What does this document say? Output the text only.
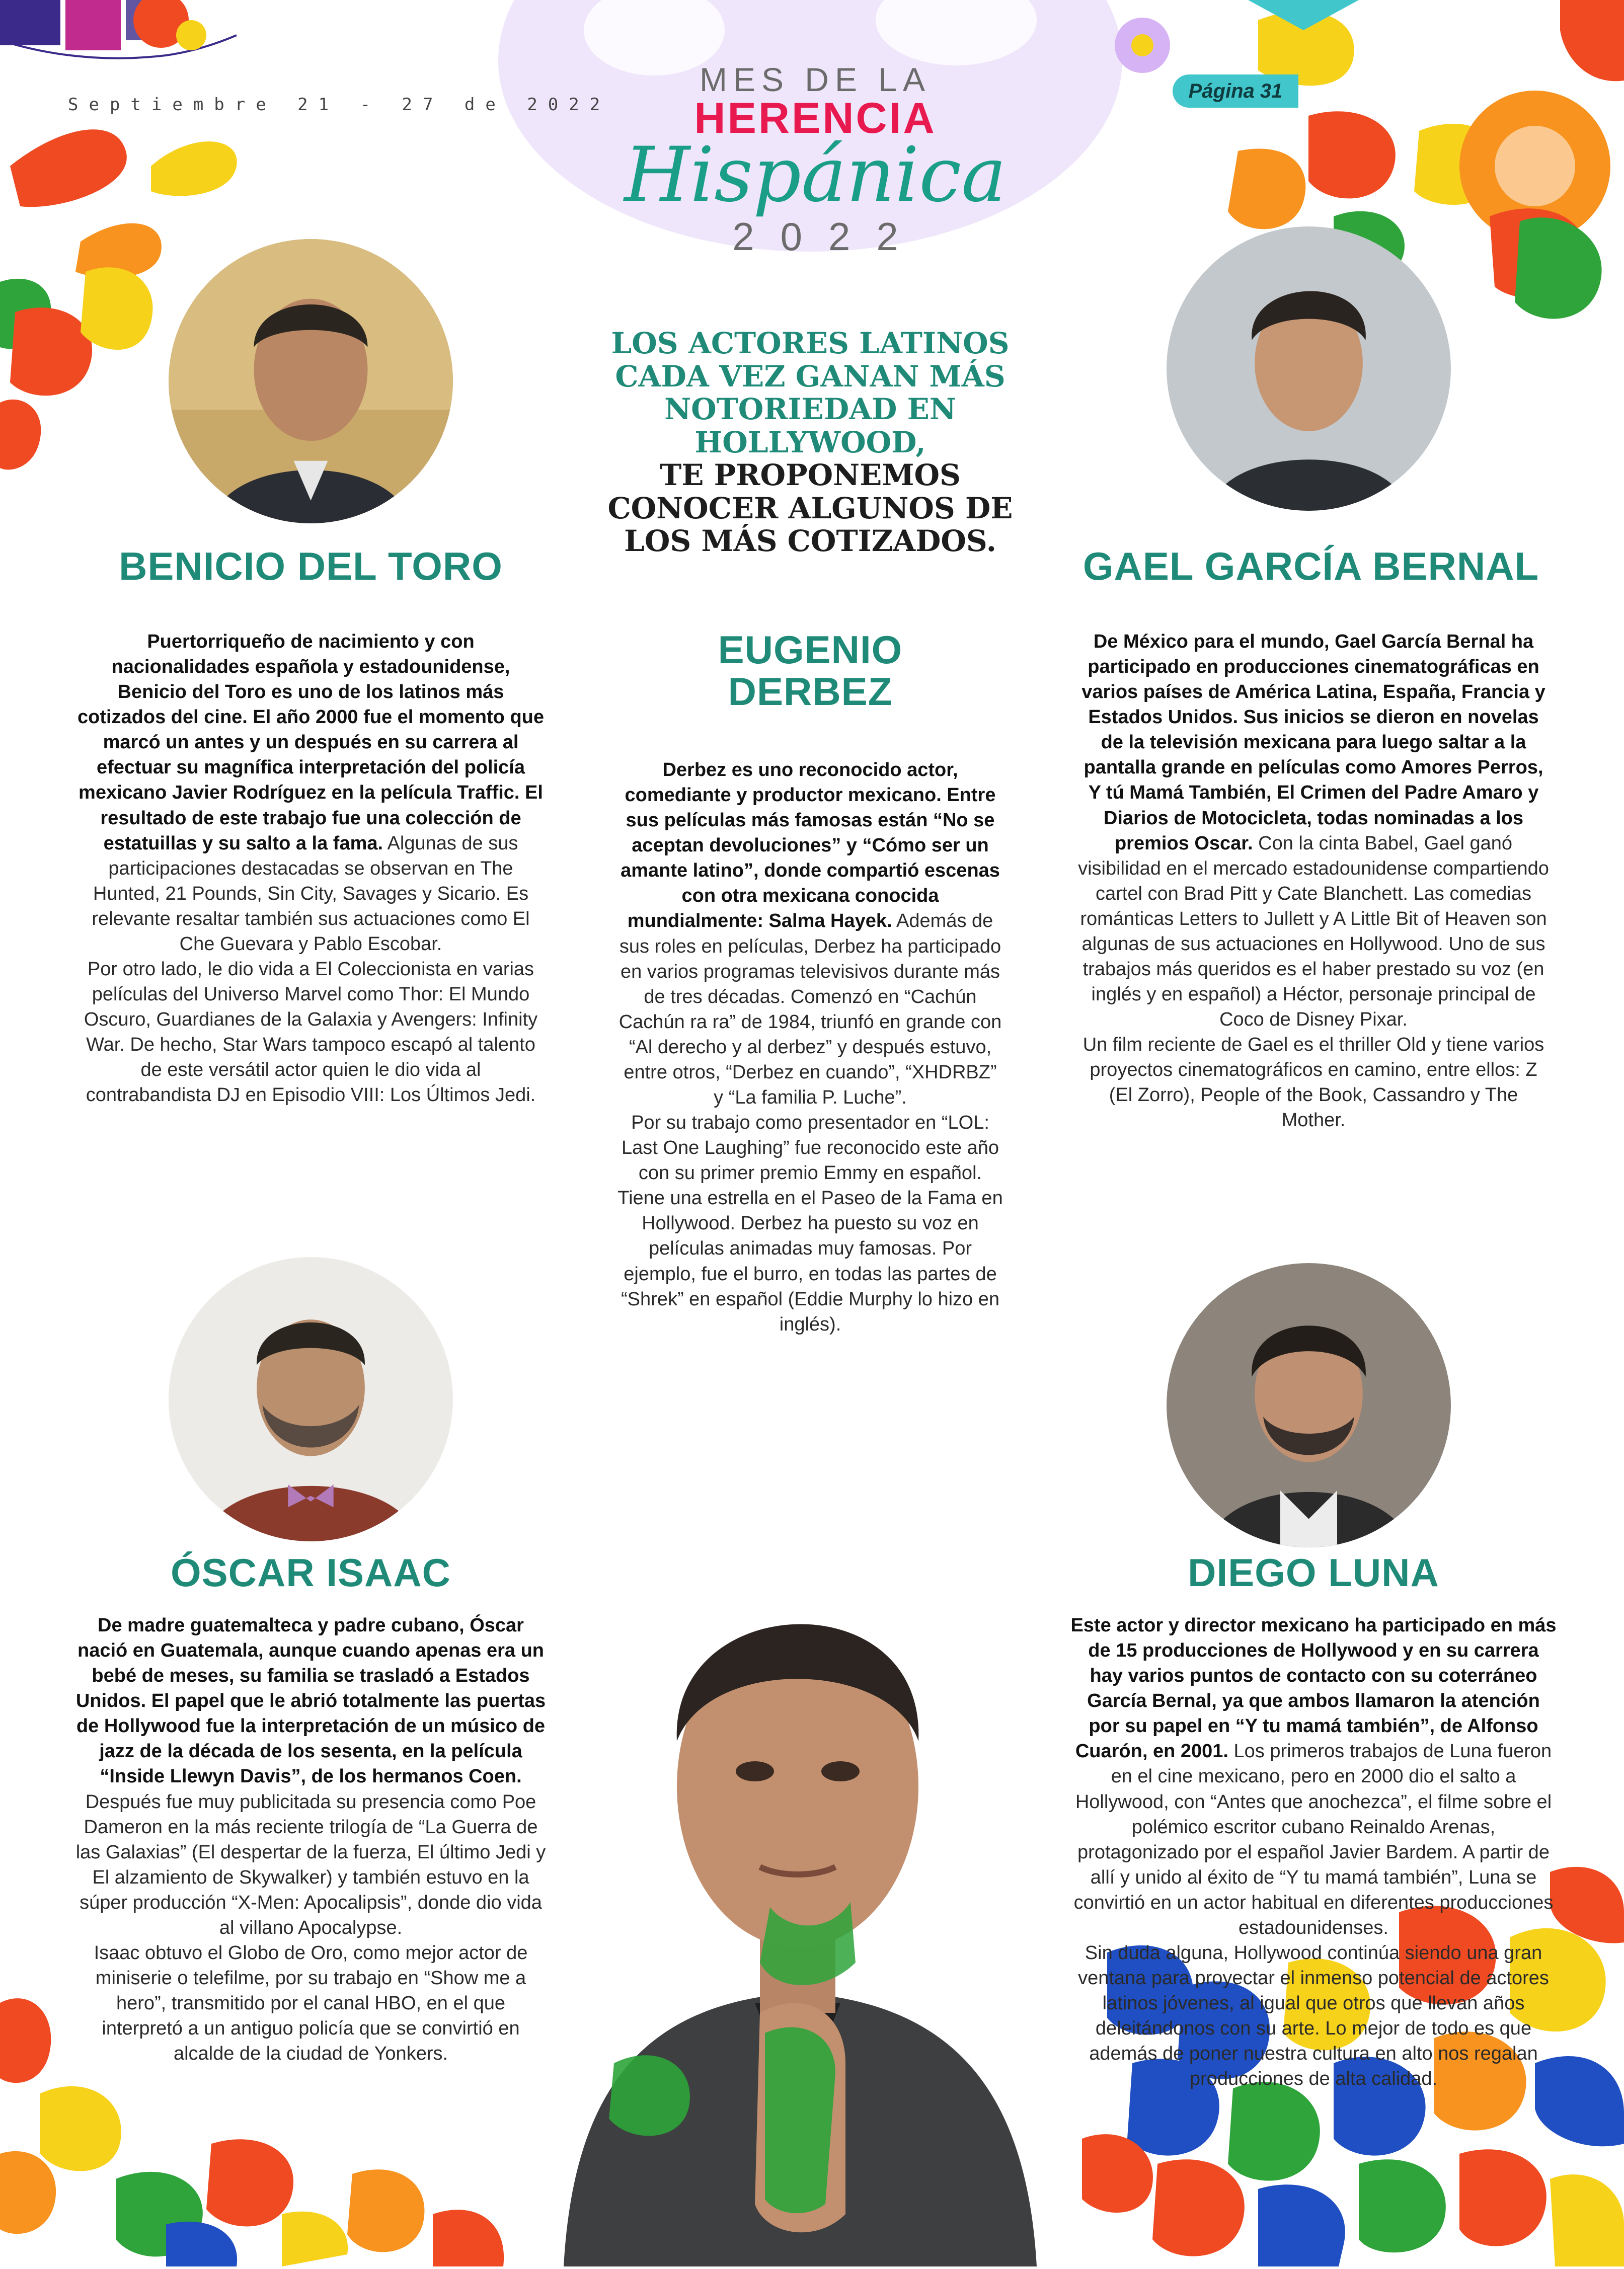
Septiembre 21 - 27 de 2022
MES DE LA
HERENCIA
Hispánica
2022
Página 31
LOS ACTORES LATINOS CADA VEZ GANAN MÁS NOTORIEDAD EN HOLLYWOOD,
TE PROPONEMOS CONOCER ALGUNOS DE LOS MÁS COTIZADOS.
BENICIO DEL TORO	GAEL GARCÍA BERNAL
EUGENIO
DERBEZ
ÓSCAR ISAAC	DIEGO LUNA

Puertorriqueño de nacimiento y con nacionalidades española y estadounidense, Benicio del Toro es uno de los latinos más cotizados del cine. El año 2000 fue el momento que marcó un antes y un después en su carrera al efectuar su magnífica interpretación del policía mexicano Javier Rodríguez en la película Traffic. El resultado de este trabajo fue una colección de estatuillas y su salto a la fama. Algunas de sus participaciones destacadas se observan en The Hunted, 21 Pounds, Sin City, Savages y Sicario. Es relevante resaltar también sus actuaciones como El Che Guevara y Pablo Escobar.

Por otro lado, le dio vida a El Coleccionista en varias películas del Universo Marvel como Thor: El Mundo Oscuro, Guardianes de la Galaxia y Avengers: Infinity War. De hecho, Star Wars tampoco escapó al talento de este versátil actor quien le dio vida al contrabandista DJ en Episodio VIII: Los Últimos Jedi.

Derbez es uno reconocido actor, comediante y productor mexicano. Entre sus películas más famosas están “No se aceptan devoluciones” y “Cómo ser un amante latino”, donde compartió escenas con otra mexicana conocida mundialmente: Salma Hayek. Además de sus roles en películas, Derbez ha participado en varios programas televisivos durante más de tres décadas. Comenzó en “Cachún Cachún ra ra” de 1984, triunfó en grande con “Al derecho y al derbez” y después estuvo, entre otros, “Derbez en cuando”, “XHDRBZ” y “La familia P. Luche”.

Por su trabajo como presentador en “LOL: Last One Laughing” fue reconocido este año con su primer premio Emmy en español. Tiene una estrella en el Paseo de la Fama en Hollywood. Derbez ha puesto su voz en películas animadas muy famosas. Por ejemplo, fue el burro, en todas las partes de “Shrek” en español (Eddie Murphy lo hizo en inglés).

De México para el mundo, Gael García Bernal ha participado en producciones cinematográficas en varios países de América Latina, España, Francia y Estados Unidos. Sus inicios se dieron en novelas de la televisión mexicana para luego saltar a la pantalla grande en películas como Amores Perros, Y tú Mamá También, El Crimen del Padre Amaro y Diarios de Motocicleta, todas nominadas a los premios Oscar. Con la cinta Babel, Gael ganó visibilidad en el mercado estadounidense compartiendo cartel con Brad Pitt y Cate Blanchett. Las comedias románticas Letters to Jullett y A Little Bit of Heaven son algunas de sus actuaciones en Hollywood. Uno de sus trabajos más queridos es el haber prestado su voz (en inglés y en español) a Héctor, personaje principal de Coco de Disney Pixar.

Un film reciente de Gael es el thriller Old y tiene varios proyectos cinematográficos en camino, entre ellos: Z (El Zorro), People of the Book, Cassandro y The Mother.

De madre guatemalteca y padre cubano, Óscar nació en Guatemala, aunque cuando apenas era un bebé de meses, su familia se trasladó a Estados Unidos. El papel que le abrió totalmente las puertas de Hollywood fue la interpretación de un músico de jazz de la década de los sesenta, en la película “Inside Llewyn Davis”, de los hermanos Coen. Después fue muy publicitada su presencia como Poe Dameron en la más reciente trilogía de “La Guerra de las Galaxias” (El despertar de la fuerza, El último Jedi y El alzamiento de Skywalker) y también estuvo en la súper producción “X-Men: Apocalipsis”, donde dio vida al villano Apocalypse.

Isaac obtuvo el Globo de Oro, como mejor actor de miniserie o telefilme, por su trabajo en “Show me a hero”, transmitido por el canal HBO, en el que interpretó a un antiguo policía que se convirtió en alcalde de la ciudad de Yonkers.

Este actor y director mexicano ha participado en más de 15 producciones de Hollywood y en su carrera hay varios puntos de contacto con su coterráneo García Bernal, ya que ambos llamaron la atención por su papel en “Y tu mamá también”, de Alfonso Cuarón, en 2001. Los primeros trabajos de Luna fueron en el cine mexicano, pero en 2000 dio el salto a Hollywood, con “Antes que anochezca”, el filme sobre el polémico escritor cubano Reinaldo Arenas, protagonizado por el español Javier Bardem. A partir de allí y unido al éxito de “Y tu mamá también”, Luna se convirtió en un actor habitual en diferentes producciones estadounidenses.

Sin duda alguna, Hollywood continúa siendo una gran ventana para proyectar el inmenso potencial de actores latinos jóvenes, al igual que otros que llevan años deleitándonos con su arte. Lo mejor de todo es que además de poner nuestra cultura en alto nos regalan producciones de alta calidad.
